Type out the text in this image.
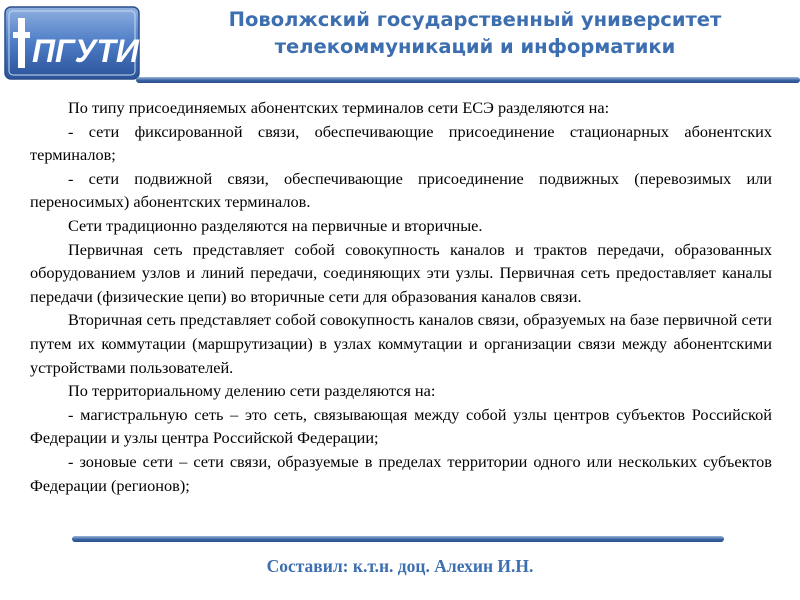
ПГУТИ
Поволжский государственный университет
телекоммуникаций и информатики

По типу присоединяемых абонентских терминалов сети ЕСЭ разделяются на:

- сети фиксированной связи, обеспечивающие присоединение стационарных абонентских терминалов;

- сети подвижной связи, обеспечивающие присоединение подвижных (перевозимых или переносимых) абонентских терминалов.

Сети традиционно разделяются на первичные и вторичные.

Первичная сеть представляет собой совокупность каналов и трактов передачи, образованных оборудованием узлов и линий передачи, соединяющих эти узлы. Первичная сеть предоставляет каналы передачи (физические цепи) во вторичные сети для образования каналов связи.

Вторичная сеть представляет собой совокупность каналов связи, образуемых на базе первичной сети путем их коммутации (маршрутизации) в узлах коммутации и организации связи между абонентскими устройствами пользователей.

По территориальному делению сети разделяются на:

- магистральную сеть – это сеть, связывающая между собой узлы центров субъектов Российской Федерации и узлы центра Российской Федерации;

- зоновые сети – сети связи, образуемые в пределах территории одного или нескольких субъектов Федерации (регионов);

Составил: к.т.н. доц. Алехин И.Н.
